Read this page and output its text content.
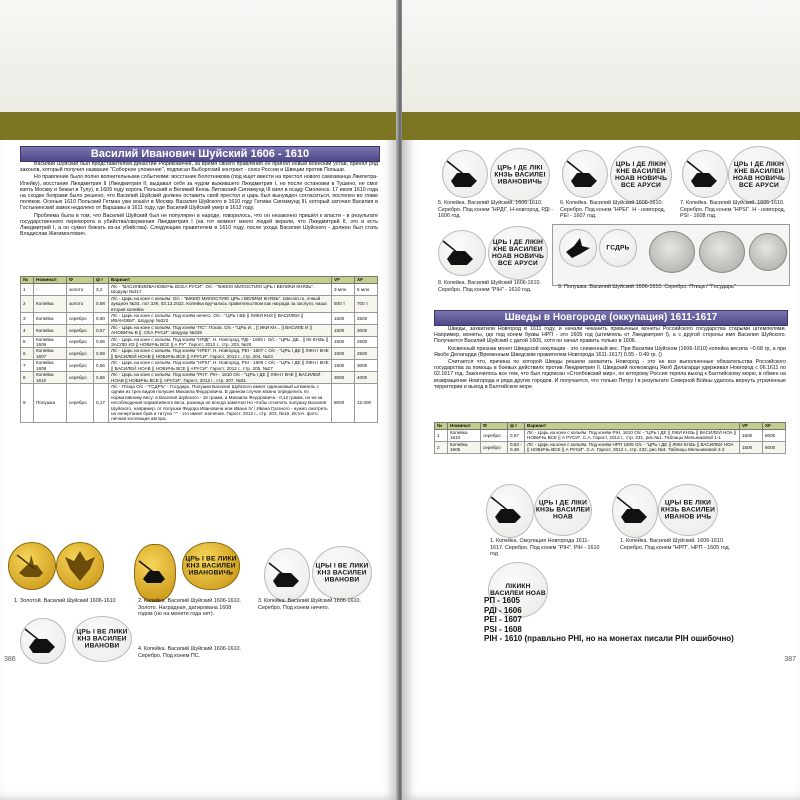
Василий Иванович Шуйский 1606 - 1610

Василий Шуйский был представителем династии Рюриковичей, за время своего правления он принял новый воинский устав, принял ряд законов, который получил название "Соборное уложение", подписал Выборгский контракт - союз России и Швеции против Польши.

Но правление было полно волнительными событиями: восстание Болотникова (под ищет ввести на престол нового самозванца Лжепетра-Илейку), восстание Лжедмитрия II (Лжедмитрия II, выдавал себя за чудом выжившего Лжедмитрия I, но после остановки в Тушино, не смог взять Москву и бежал в Тулу), в 1609 году король Польский и Великий Князь Литовский Сигизмунд III взял в осаду Смоленск. 17 июля 1610 года на сходке боярами было решено, что Василий Шуйский должен оставить свой престол и царь был вынужден согласиться, постелен во главе поляков. Осенью 1610 Польский Гетман уже вошёл в Москву. Василия Шуйского в 1610 году Гетман Сигизмунд III, который заточил Василия в Гостынинский замок недалеко от Варшавы в 1611 году, где Василий Шуйский умер в 1612 году.

Проблема была в том, что Василий Шуйский был не популярен в народе, говорилось, что он незаконно пришёл к власти - в результате государственного переворота и убийства/свержения Лжедмитрия I (на тот момент много людей верили, что Лжедмитрий II, это и есть Лжедмитрий I, а он сумел бежать из-за убийства). Следующим правителем в 1610 году, после ухода Василия Шуйского - должен был стать Владислав Жигимонтович.

№	Номинал	Ф	ф г	Вариант	VF	XF
1	-	золото	3,2	Л/с - "ВАСИЛЕИИВАНОВИЧЬ ВСЕА РУСИ". О/с - "ВЖЕЮ МИЛОСТИЮ ЦРЬ I ВЕЛИКИ КНЯЗЬ". Шодуар №317	3 млн	5 млн
2	Копейка	золото	0,68	Л/с - Царь на коне с копьём. О/с - "ВЖЕЮ МИЛОСТИЮ ЦРЬ I ВЕЛИКИ КНЯЗЬ". tatecoin.ru, очный аукцион №34, лот 329, 03.12.2022. Копейка вручалась правительством как награда за заслуги, наша вторая копейка	500 т	700 т
3	Копейка	серебро	0,60	Л/с - Царь на коне с копьём. Под конём ничего. О/с - "ЦРЬ I ВЕ || ЛИКИ КНЗ || ВАСИЛЕИ || ИВАНОВИ". Шодуар №322	1500	2500
4	Копейка	серебро	0,67	Л/с - Царь на коне с копьём. Под конём "ПС". Псков. О/с - "ЦРЬ И... || ИКИ КН... || ВАСИЛЕ И || АНОВИЧЬ В || .СЕА РУСИ". Шодуар №328	1500	3000
5	Копейка 1606	серебро	0,65	Л/с - Царь на коне с копьём. Под конём "НРДI". Н. Новгород, РДI - 1606 г. О/с - "ЦРЬ. ДЕ.. || IКI КНЗЬ || ЗАСЛЕI ИЗ || НОВИЧЬ ВСЕ || А РУ". Гарост, 2012 г., стр. 203, №20	1500	2500
6	Копейка 1607	серебро	0,69	Л/с - Царь на коне с копьём. Под конём "НРЕI". Н. Новгород, РЕI - 1607 г. О/с - "ЦРЬ I ДЕ || ЛIКН I КНЕ || ВАСИЛЕЙ НОАВ || НОВИЧЬ ВСЕ || АРУСИ". Гарост, 2012 г., стр. 204, №23	1500	2500
7	Копейка 1608	серебро	0,66	Л/с - Царь на коне с копьём. Под конём "НРSI". Н. Новгород, PSI - 1608 г. О/с - "ЦРЬ I ДЕ || ЛIКН I КНЕ || ВАСИЛЕЙ НОАВ || НОВИЧЬ ВСЕ || АРУСИ". Гарост, 2012 г., стр. 205, №27	1500	3000
8	Копейка 1610	серебро	0,66	Л/с - Царь на коне с копьём. Под конём "РІН". РІН - 1610 О/с - "ЦРЬ I ДЕ || ЛIКН I КНЕ || ВАСИЛЕЙ НОАВ || НОВИЧЬ ВСЕ || АРУСИ". Гарост, 2012 г., стр. 207, №31	3000	4000
9	Полушка	серебро	0,17	Л/с - Птица О/с - "ГСДРЪ" - Государь. Полушки Василия Шуйского имеет одинаковый штемпель с одним из трех видов полушек Михаила Федоровича. В данном случае можно определить по нормативному весу: в Василия Шуйского - 16 грамм, а Михаила Федоровича - 0,12 грамм, но из-за несоблюдения нормативного веса, разница не всегда заметна! Но чтобы отличить полушку Василия Шуйского, например, от полушки Федора Ивановича или Ивана IV / Ивана Грозного - нужно смотреть на начертание букв и титула "-" - это имеет значение. Гарост, 2012 г., стр. 203, №19. Источ. фото: личная коллекция автора.	8000	12.000
ЦРЬ I ВЕ ЛИКИ КНЗ ВАСИЛЕИ ИВАНОВИЧЬ
ЦРЫ I ВЕ ЛИКИ КНЗ ВАСИЛЕИ ИВАНОВИ
1. Золотой. Василий Шуйский 1606-1610	2. Копейка. Василий Шуйский 1606-1610. Золото. Наградная, датирована 1608 годом (но на монете года нет).
3. Копейка. Василий Шуйский 1606-1610. Серебро. Под конем ничего.
ЦРЬ I ВЕ ЛИКИ КНЗ ВАСИЛЕИ ИВАНОВИ	4. Копейка. Василий Шуйский 1606-1610. Серебро. Под конем ПС.
386
ЦРЬ I ДЕ ЛIКI КНЗЬ ВАСИЛЕI ИВАНОВИЧЬ
ЦРЬ I ДЕ ЛIКIН КНЕ ВАСИЛЕИ НОАВ НОВИЧЬ ВСЕ АРУСИ
ЦРЬ I ДЕ ЛIКIН КНЕ ВАСИЛЕИ НОАВ НОВИЧЬ ВСЕ АРУСИ
5. Копейка. Василий Шуйский. 1606-1610. Серебро. Под конем "НРДІ". Н-новгород, РДІ - 1606 год.
6. Копейка. Василий Шуйский 1606-1610. Серебро. Под конем "НРЕІ". Н - новгород, РЕІ - 1607 год.
7. Копейка. Василий Шуйский. 1605-1610. Серебро. Под конем "НРSI". Н - новгород, PSI - 1608 год.
ЦРЬ I ДЕ ЛIКIН КНЕ ВАСИЛЕИ НОАВ НОВИЧЬ ВСЕ АРУСИ
ГСДРЬ
8. Копейка. Василий Шуйский 1606-1610. Серебро. Под конем "РІН" - 1610 год.	9. Полушка. Василий Шуйский 1606-1610. Серебро. Птица / "Государь"
Шведы в Новгороде (оккупация) 1611-1617

Шведы, захватили Новгород в 1611 году, и начали чеканить привычные монеты Российского государства старыми штемпелями. Например, монеты, где под конем буквы НРП - это 1605 год (штемпель от Лжедмитрия I), а с другой стороны имя Василия Шуйского. Получается Василий Шуйский с датой 1605, хотя он начал править только в 1606.

Косвенный признак монет Шведской оккупации - это сниженный вес. При Василии Шуйском (1606-1610) копейка весила ~0.68 гр, а при Якобе Делагарди (Временным Шведским правителем Новгорода 1611-1617) 0.55 - 0.49 гр. ()

Считается что, причина по которой Шведы решили захватить Новгород - это не все выполненные обязательства Российского государства за помощь в боевых действиях против Лжедмитрия II. Шведский полководец Якоб Делагарди удерживал Новгород с 06.1611 по 02.1617 год. Закончилось все тем, что был подписан «Столбовский мир», по которому Россия теряла выход к Балтийскому морю, в обмен на возвращение Новгорода и ряда других городов. И получается, что только Петру I в результате Северной Войны удалось вернуть утраченные территории и выход в Балтийское море.

№	Номинал	Ф	ф г	Вариант	VF	XF
1	Копейка 1610	серебро	0,57	Л/с - Царь на коне с копьём. Под конём РІН, 1610 О/с - "ЦРЬ I ДЕ || ЛIКИ КНЗЬ || ВАСИЛЕЙ НОА || НОВИЧЬ ВСЕ || А РУСИ". С.А. Гарост, 2012 г., стр. 231, рис.№1. Таблицы Мельниковой 1-1	1500	6000
2	Копейка 1605	серебро	0,53 - 0,48	Л/с - Царь на коне с копьём. Под конём НРП 1605 О/с - "ЦРЬ I ДЕ || ЛIКИ КНЗЬ || ВАСИЛЕИ НОА || НОВИЧЬ ВСЕ || А РУСИ". С.А. Гарост, 2012 г., стр. 232, рис.№3. Таблицы Мельниковой 2-2	1500	6000
ЦРЬ I ДЕ ЛIКИ КНЗЬ ВАСИЛЕИ НОАВ
ЦРЬI ВЕ ЛIКИ КНЗЬ ВАСИЛЕИ ИВАНОВ ИЧЬ
1. Копейка. Оккупация Новгорода 1611-1617. Серебро. Под конем "РІН". РІН - 1610 год
1. Копейка. Василий Шуйский. 1606-1610. Серебро. Под конем "НРП". НРП - 1605 год.
ЛIКИКН ВАСИЛЕИ НОАВ
РП - 1605
РДІ - 1606
РЕІ - 1607
РSІ - 1608
РІН - 1610 (правльно PHI, но на монетах писали PIH ошибочно)
387
